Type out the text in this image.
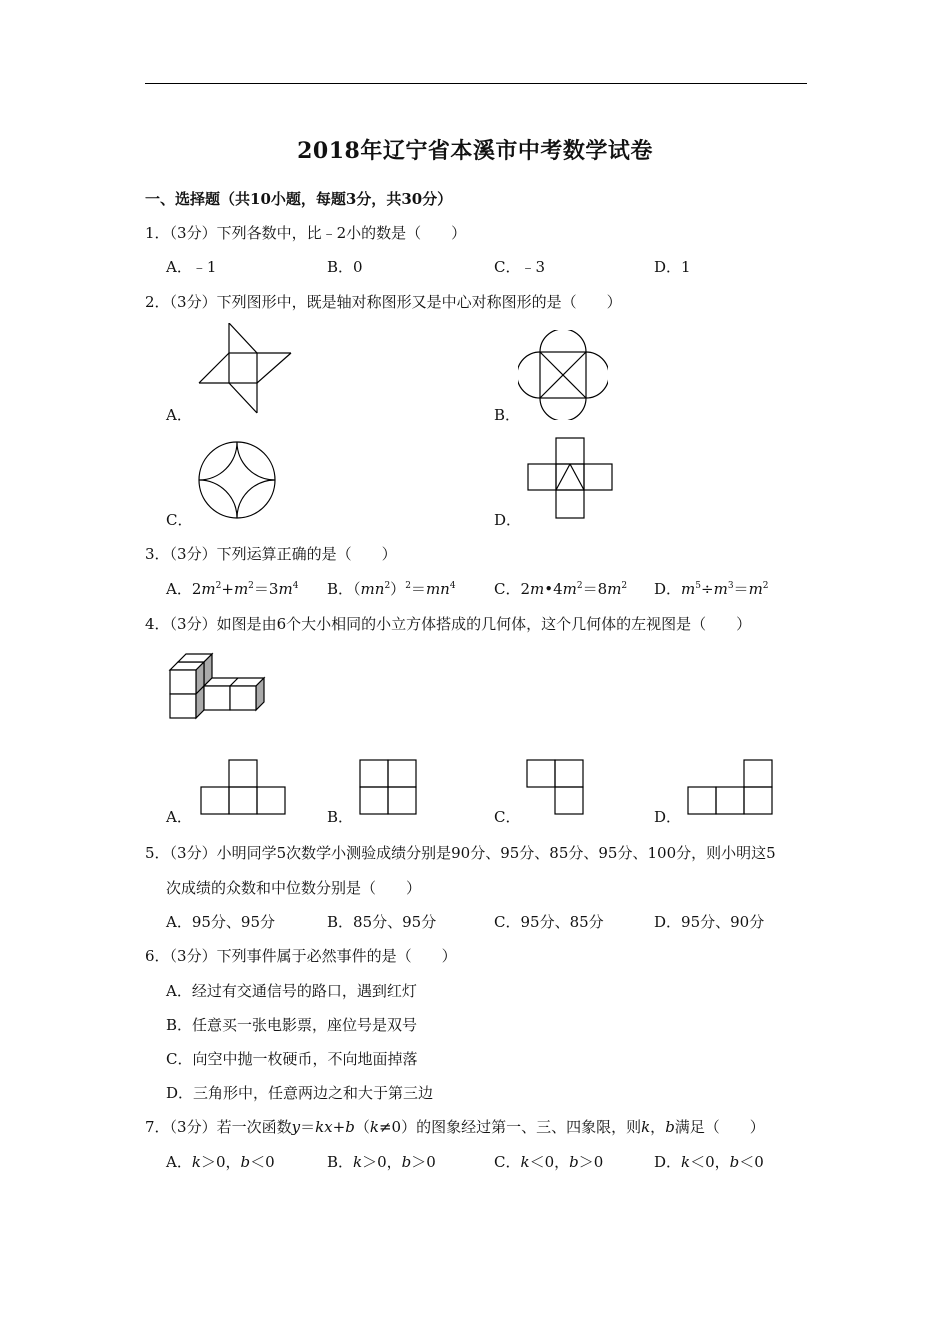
2018年辽宁省本溪市中考数学试卷
一、选择题（共10小题，每题3分，共30分）
1．（3分）下列各数中，比﹣2小的数是（　　）
A．﹣1	B．0	C．﹣3	D．1
2．（3分）下列图形中，既是轴对称图形又是中心对称图形的是（　　）
A．	B．
C．	D．
3．（3分）下列运算正确的是（　　）
A．$2m^2+m^2=3m^4$ B．$(mn^2)^2=mn^4$	C．$2m•4m^2=8m^2$ D．$m^5\div m^3=m^2$
4．（3分）如图是由6个大小相同的小立方体搭成的几何体，这个几何体的左视图是（　　）
A．	B．	C．	D．
5．（3分）小明同学5次数学小测验成绩分别是90分、95分、85分、95分、100分，则小明这5
次成绩的众数和中位数分别是（　　）
A．95分、95分	B．85分、95分	C．95分、85分	D．95分、90分
6．（3分）下列事件属于必然事件的是（　　）
A．经过有交通信号的路口，遇到红灯
B．任意买一张电影票，座位号是双号
C．向空中抛一枚硬币，不向地面掉落
D．三角形中，任意两边之和大于第三边
7．（3分）若一次函数y＝kx+b（k≠0）的图象经过第一、三、四象限，则k，b满足（　　）
A．k＞0，b＜0	B．k＞0，b＞0	C．k＜0，b＞0	D．k＜0，b＜0
